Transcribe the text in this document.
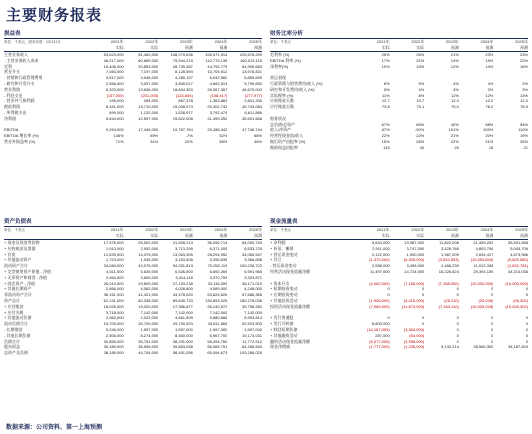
主要财务报表
损益表
单位：千美元，财务年度：12月31日	2021年	2022年	2023年	2024年	2025年
	实际	实际	预测	预测	预测
主营业务收入	53,623,000	81,462,000	108,279,636	155,571,914	225,576,290
- 主营业务收入成本	46,217,000	60,889,000	79,544,219	110,779,135	160,019,115
毛利	15,406,000	20,853,000	28,735,387	44,792,779	64,995,683
营业开支	7,083,000	7,197,000	8,128,594	10,705,912	13,976,821
- 营销和行政管理费用	4,517,000	3,946,000	4,280,157	6,042,560	5,855,699
- 研究和开发开支	2,566,000	3,057,000	3,849,017	4,662,913	5,799,832
营业利润	6,323,000	13,636,000	18,604,353	26,067,367	46,679,002
- 利息支出	(157,000)	(201,000)	(124,654)	(108,417)	(277,977)
- 营业外亏损利润	195,000	284,000	867,378	1,363,883	2,841,330
税前利润	6,341,000	13,710,000	15,008,974	25,302,742	45,743,084
- 所得税支出	699,000	1,132,000	1,526,977	3,792,474	6,611,886
净利润	5,644,000	12,597,000	15,822,008	21,499,252	35,591,668

EBITDA	9,254,000	17,446,000	19,767,764	29,286,342	47,746,744
EBITDA 增长率 (%)	146%	89%	-7%	52%	68%
营业外损益率 (%)	71%	31%	22%	55%	46%
财务比率分析
单位：千美元	2021年	2022年	2023年	2024年	2025年
	实际	实际	预测	预测	预测
毛利率 (%)	25%	26%	21%	23%	23%
EBITDA 利率 (%)	17%	21%	14%	19%	22%
净利率(%)	10%	15%	12%	14%	16%

营运表现					
行政管理与销售费用/收入 (%)	8%	5%	4%	4%	2%
研究和开发费用/收入 (%)	5%	4%	4%	3%	3%
实际税率 (%)	11%	8%	11%	12%	13%
应收账款天数	12.7	10.7	12.0	12.0	12.0
应付账款天数	73.8	79.1	75.0	76.0	76.0

财务状况					
总负债/总资产	67%	65%	40%	58%	54%
收入/净资产	87%	-90%	101%	109%	110%
经营性现金流/收入	22%	22%	21%	20%	19%
税后资产回报率 (%)	15%	26%	22%	21%	26%
税前权益回报率	115	40	25	18	21
资产负债表
单位：千美元	2021年	2022年	2023年	2024年	2025年
	实际	实际	预测	预测	预测
+ 现金及现金等价物	17,576,000	25,502,000	31,508,214	36,096,714	84,000,740
+ 应收账款及票据	1,913,000	2,952,000	3,713,295	6,371,205	8,533,725
+ 存货	12,839,000	14,375,000	13,063,305	28,294,952	34,065,547
+ 其他流动资产	1,723,000	1,945,000	3,153,508	3,296,835	3,366,698
流动资产合计	34,084,000	42,075,000	54,251,813	70,252,119	100,226,722
+ 定型使用资产原值 - 净值	4,511,000	5,635,000	6,526,500	6,692,269	6,591,965
+ 无形资产和商誉 - 净值	2,964,000	3,605,000	3,414,118	3,370,709	3,323,871
+ 固定资产 - 净值	26,014,000	29,609,000	27,153,238	33,116,309	36,171,010
+ 其他长期资产	2,866,000	4,082,000	4,028,800	4,089,000	4,248,000
非流动资产合计	36,151,000	41,421,000	43,478,020	53,624,626	57,686,366
资产总计	62,131,000	82,338,000	89,640,733	130,893,025	180,276,036
+ 应付账款	18,025,000	19,320,000	17,986,877	26,140,572	35,758,282
+ 应付关税	3,718,000	7,142,000	7,142,000	7,142,000	7,142,000
+ 其他流动负债	2,962,000	2,022,000	4,661,509	5,880,666	5,993,814
流动负债合计	19,705,000	26,709,000	29,790,923	43,611,869	52,923,503
- 长期借款	5,245,000	1,597,000	1,597,000	1,597,000	1,597,000
- 其他长期负债	2,506,000	8,274,000	8,460,000	6,967,700	10,173,031
负债合计	30,855,000	35,751,000	38,291,000	58,494,760	11,772,512
股东权益	30,189,000	36,906,000	39,863,038	56,065,751	64,286,840
总资产及负债	38,189,000	44,704,000	58,451,056	65,094,673	103,286,025
现金流量表
单位：千美元	2021年	2022年	2023年	2024年	2025年
	实际	实际	预测	预测	预测
+ 净利润	5,644,000	13,987,000	11,822,008	21,499,252	35,591,668
+ 折旧、摊销	2,911,000	3,747,000	3,428,789	4,803,706	5,005,706
+ 营运资金变动	2,122,000	1,900,000	1,987,009	2,694,417	4,673,986
+ 其它	(1,370,000)	(6,405,000)	(3,594,593)	(10,053,600)	(9,620,560)
- 营运资金变动	2,558,000	3,495,000	2,466,239	11,012,338	(1,632,781)
经营活动现金流量净额	11,497,000	14,724,000	16,226,524	29,394,159	44,214,036

+ 资本开支	(4,062,000)	(7,158,000)	(7,158,000)	(10,000,000)	(10,000,000)
+ 短期投资变动	0	0	0	0	0
+ 长期投资变动	0	0	0	0	0
+ 其他投资活动	(1,906,000)	(4,415,000)	(25,110)	(25,028)	(26,302)
投资活动现金流量净额	(7,089,000)	(11,673,000)	(7,183,110)	(10,025,028)	(10,026,302)

+ 发行普通股	0	0	0	0	0
+ 发行可转债	8,803,000	0	0	0	0
+ 赎回短期负债	(14,167,000)	(3,304,000)	0	0	0
+ 其他融资活动	287,000	(54,000)	0	0	0
融资活动现金流量净额	(5,077,000)	(3,358,000)	0	0	0
现金净增减	(1,777,000)	(1,226,000)	9,143,214	38,566,300	34,187,824
数据来源：公司资料、第一上海预测
